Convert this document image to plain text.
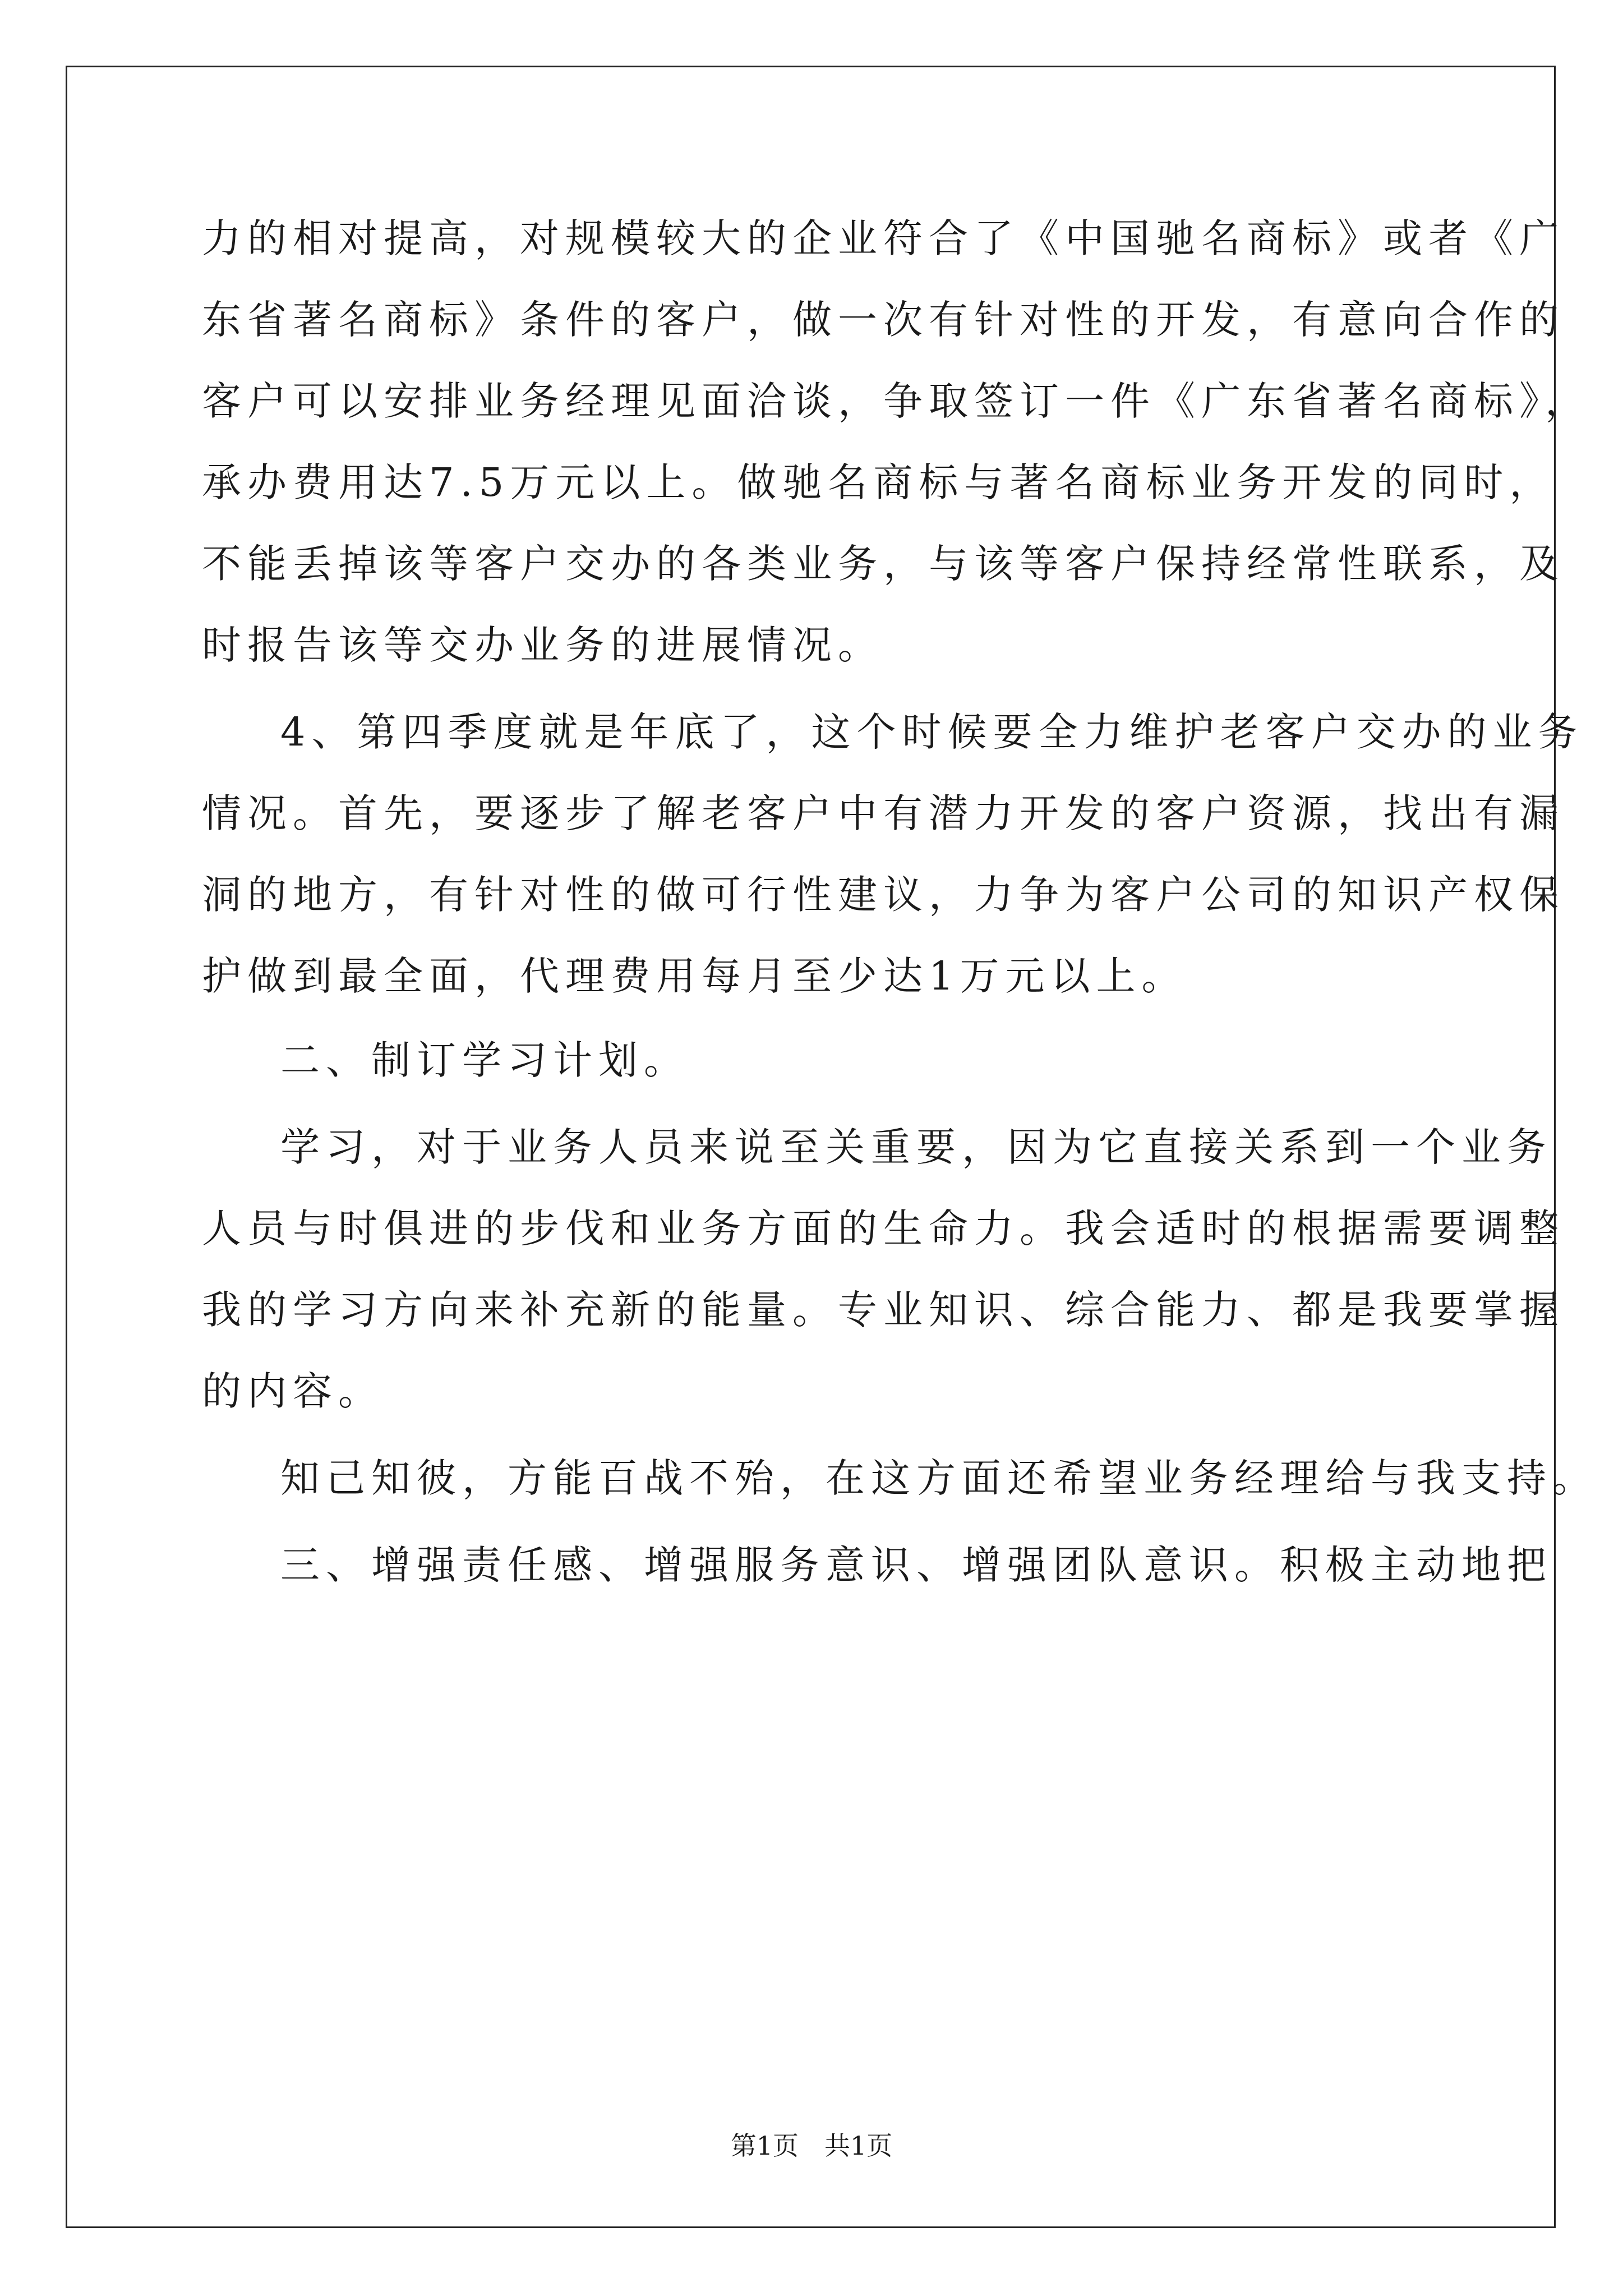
力的相对提高，对规模较大的企业符合了《中国驰名商标》或者《广
东省著名商标》条件的客户，做一次有针对性的开发，有意向合作的
客户可以安排业务经理见面洽谈，争取签订一件《广东省著名商标》，
承办费用达7.5万元以上。做驰名商标与著名商标业务开发的同时，
不能丢掉该等客户交办的各类业务，与该等客户保持经常性联系，及
时报告该等交办业务的进展情况。
4、第四季度就是年底了，这个时候要全力维护老客户交办的业务
情况。首先，要逐步了解老客户中有潜力开发的客户资源，找出有漏
洞的地方，有针对性的做可行性建议，力争为客户公司的知识产权保
护做到最全面，代理费用每月至少达1万元以上。
二、制订学习计划。
学习，对于业务人员来说至关重要，因为它直接关系到一个业务
人员与时俱进的步伐和业务方面的生命力。我会适时的根据需要调整
我的学习方向来补充新的能量。专业知识、综合能力、都是我要掌握
的内容。
知己知彼，方能百战不殆，在这方面还希望业务经理给与我支持。
三、增强责任感、增强服务意识、增强团队意识。积极主动地把
第1页　共1页
